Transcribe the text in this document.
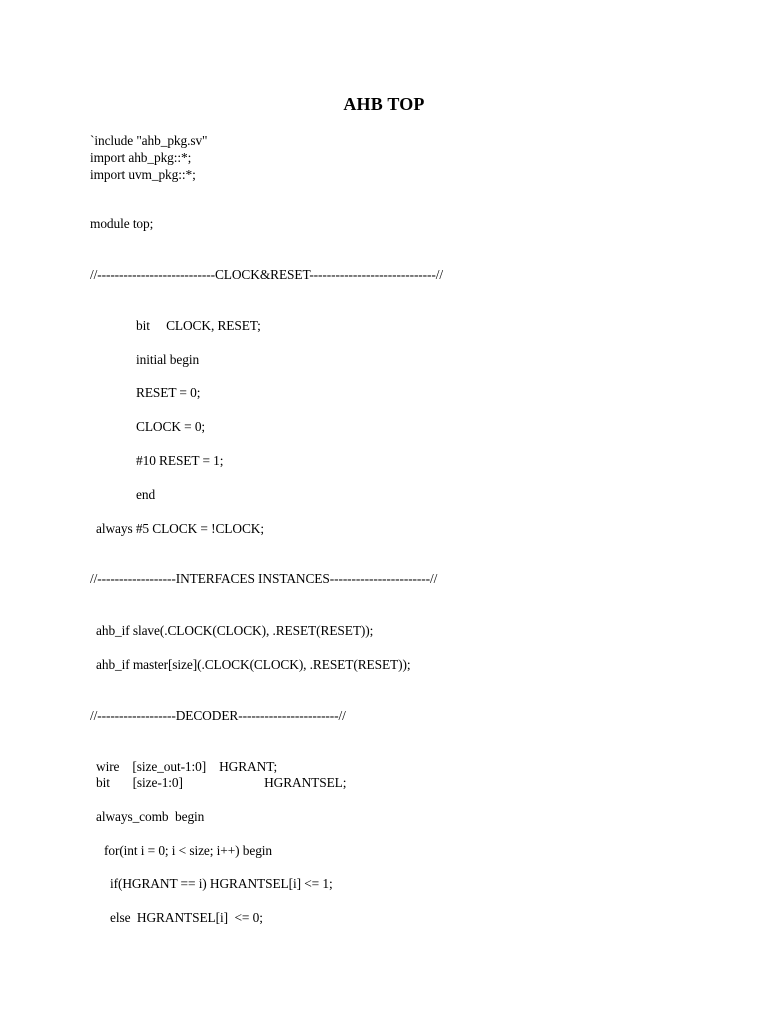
AHB TOP
`include "ahb_pkg.sv"
import ahb_pkg::*;
import uvm_pkg::*;
module top;
//---------------------------CLOCK&RESET-----------------------------//
bit     CLOCK, RESET;
initial begin
RESET = 0;
CLOCK = 0;
#10 RESET = 1;
end
always #5 CLOCK = !CLOCK;
//------------------INTERFACES INSTANCES-----------------------//
ahb_if slave(.CLOCK(CLOCK), .RESET(RESET));
ahb_if master[size](.CLOCK(CLOCK), .RESET(RESET));
//------------------DECODER-----------------------//
wire    [size_out-1:0]    HGRANT;
bit       [size-1:0]                         HGRANTSEL;
always_comb  begin
for(int i = 0; i < size; i++) begin
if(HGRANT == i) HGRANTSEL[i] <= 1;
else  HGRANTSEL[i]  <= 0;
